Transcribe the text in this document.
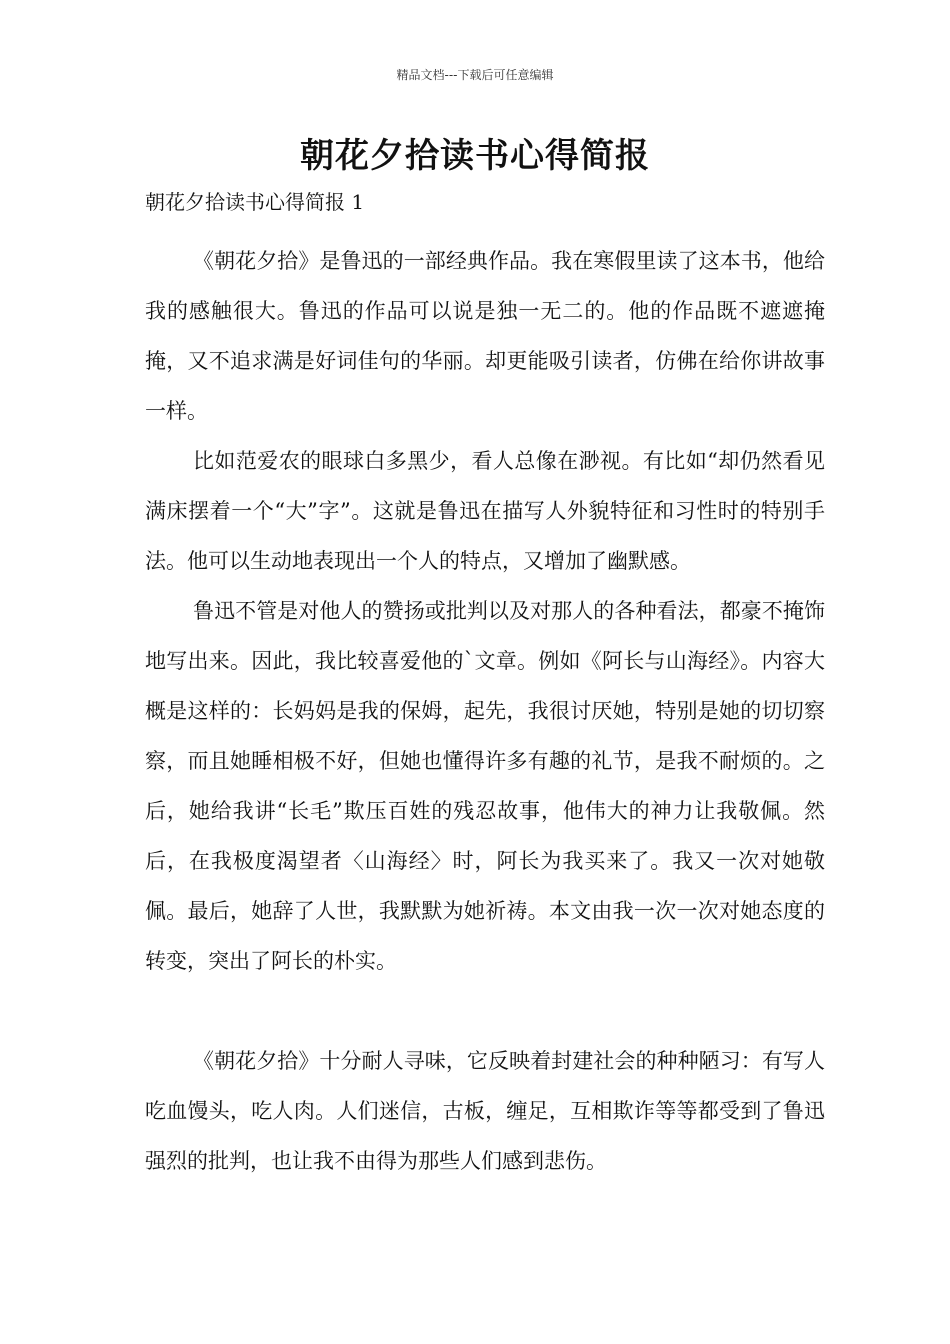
精品文档---下载后可任意编辑
朝花夕拾读书心得简报
朝花夕拾读书心得简报 1

《朝花夕拾》是鲁迅的一部经典作品。我在寒假里读了这本书，他给我的感触很大。鲁迅的作品可以说是独一无二的。他的作品既不遮遮掩掩，又不追求满是好词佳句的华丽。却更能吸引读者，仿佛在给你讲故事一样。

比如范爱农的眼球白多黑少，看人总像在渺视。有比如“却仍然看见满床摆着一个“大”字”。这就是鲁迅在描写人外貌特征和习性时的特别手法。他可以生动地表现出一个人的特点，又增加了幽默感。

鲁迅不管是对他人的赞扬或批判以及对那人的各种看法，都豪不掩饰地写出来。因此，我比较喜爱他的`文章。例如《阿长与山海经》。内容大概是这样的：长妈妈是我的保姆，起先，我很讨厌她，特别是她的切切察察，而且她睡相极不好，但她也懂得许多有趣的礼节，是我不耐烦的。之后，她给我讲“长毛”欺压百姓的残忍故事，他伟大的神力让我敬佩。然后，在我极度渴望者〈山海经〉时，阿长为我买来了。我又一次对她敬佩。最后，她辞了人世，我默默为她祈祷。本文由我一次一次对她态度的转变，突出了阿长的朴实。

《朝花夕拾》十分耐人寻味，它反映着封建社会的种种陋习：有写人吃血馒头，吃人肉。人们迷信，古板，缠足，互相欺诈等等都受到了鲁迅强烈的批判，也让我不由得为那些人们感到悲伤。
